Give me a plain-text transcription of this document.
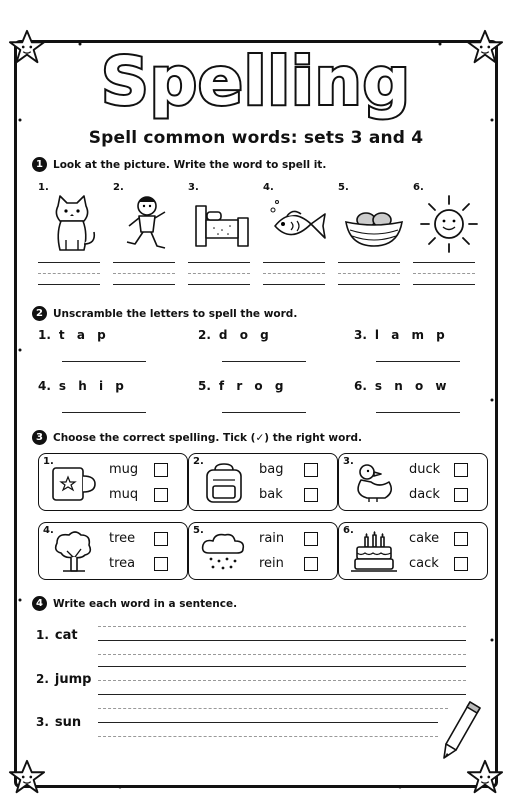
Spelling
Spell common words: sets 3 and 4
1 Look at the picture. Write the word to spell it.
1.	2.	3.	4.	5.	6.
2 Unscramble the letters to spell the word.
1. t a p	2. d o g	3. l a m p
4. s h i p	5. f r o g	6. s n o w
3 Choose the correct spelling. Tick (✓) the right word.
1.
mug
muq
2.
bag
bak
3.
duck
dack
4.
tree
trea
5.
rain
rein
6.
cake
cack
4 Write each word in a sentence.
1. cat
2. jump
3. sun
